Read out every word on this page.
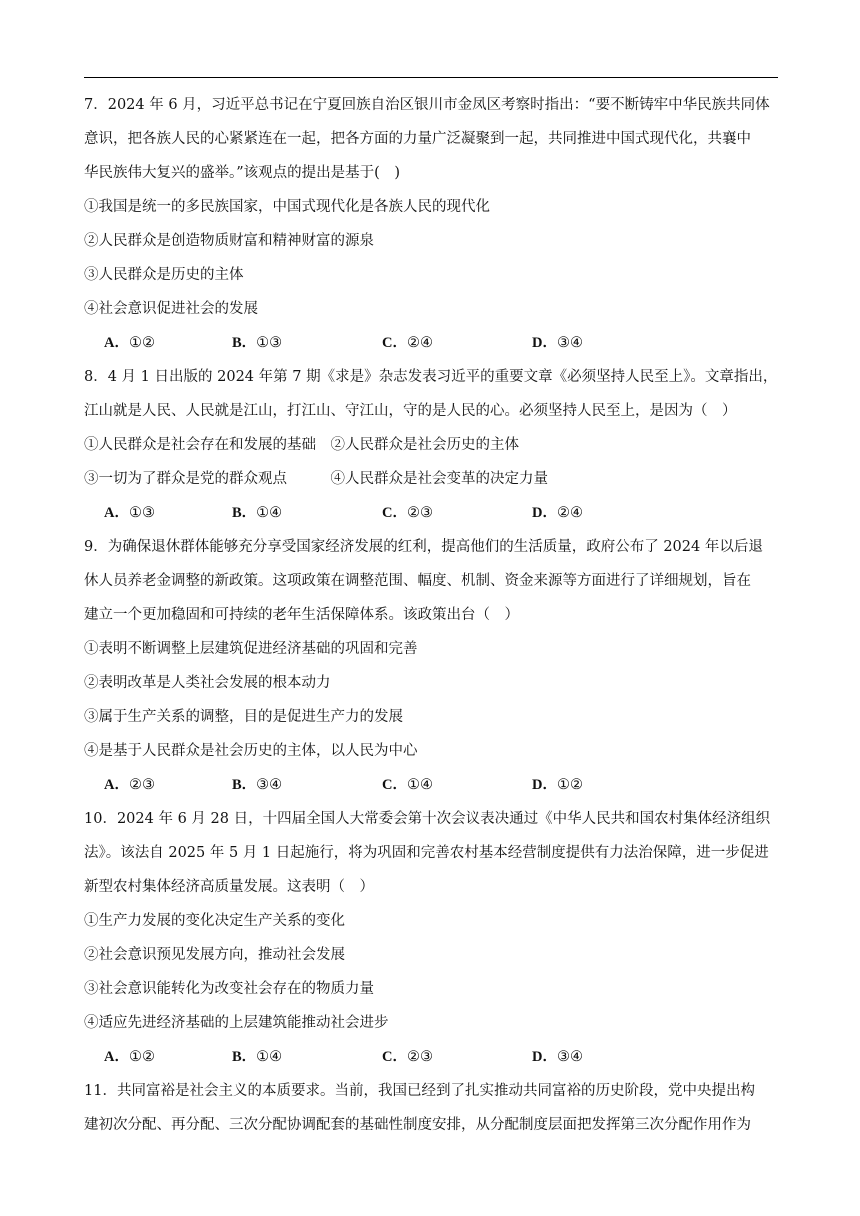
7．2024 年 6 月，习近平总书记在宁夏回族自治区银川市金凤区考察时指出：“要不断铸牢中华民族共同体
意识，把各族人民的心紧紧连在一起，把各方面的力量广泛凝聚到一起，共同推进中国式现代化，共襄中
华民族伟大复兴的盛举。”该观点的提出是基于(　)
①我国是统一的多民族国家，中国式现代化是各族人民的现代化
②人民群众是创造物质财富和精神财富的源泉
③人民群众是历史的主体
④社会意识促进社会的发展
A．①②	B．①③	C．②④	D．③④
8．4 月 1 日出版的 2024 年第 7 期《求是》杂志发表习近平的重要文章《必须坚持人民至上》。文章指出，
江山就是人民、人民就是江山，打江山、守江山，守的是人民的心。必须坚持人民至上，是因为（　）
①人民群众是社会存在和发展的基础　②人民群众是社会历史的主体
③一切为了群众是党的群众观点　　　④人民群众是社会变革的决定力量
A．①③	B．①④	C．②③	D．②④
9．为确保退休群体能够充分享受国家经济发展的红利，提高他们的生活质量，政府公布了 2024 年以后退
休人员养老金调整的新政策。这项政策在调整范围、幅度、机制、资金来源等方面进行了详细规划，旨在
建立一个更加稳固和可持续的老年生活保障体系。该政策出台（　）
①表明不断调整上层建筑促进经济基础的巩固和完善
②表明改革是人类社会发展的根本动力
③属于生产关系的调整，目的是促进生产力的发展
④是基于人民群众是社会历史的主体，以人民为中心
A．②③	B．③④	C．①④	D．①②
10．2024 年 6 月 28 日，十四届全国人大常委会第十次会议表决通过《中华人民共和国农村集体经济组织
法》。该法自 2025 年 5 月 1 日起施行，将为巩固和完善农村基本经营制度提供有力法治保障，进一步促进
新型农村集体经济高质量发展。这表明（　）
①生产力发展的变化决定生产关系的变化
②社会意识预见发展方向，推动社会发展
③社会意识能转化为改变社会存在的物质力量
④适应先进经济基础的上层建筑能推动社会进步
A．①②	B．①④	C．②③	D．③④
11．共同富裕是社会主义的本质要求。当前，我国已经到了扎实推动共同富裕的历史阶段，党中央提出构
建初次分配、再分配、三次分配协调配套的基础性制度安排，从分配制度层面把发挥第三次分配作用作为
